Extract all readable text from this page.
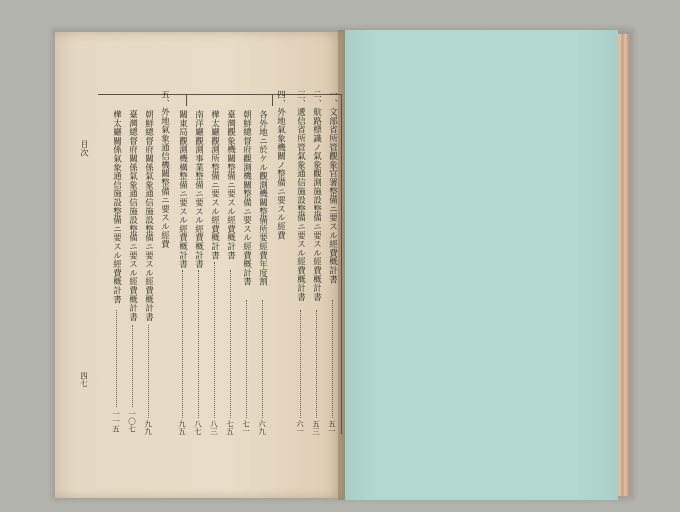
目次
四七
一、文部省所管觀象官署整備ニ要スル經費概計書
五一
二、航路標識ノ氣象觀測施設整備ニ要スル經費概計書
五三
三、遞信省所管氣象通信施設整備ニ要スル經費概計書
六一
四、外地氣象機關ノ整備ニ要スル經費
各外地ニ於ケル觀測機關整備所要經費年度割
六九
朝鮮總督府觀測機關整備ニ要スル經費概計書
七一
臺灣觀象機關整備ニ要スル經費概計書
七五
樺太廳觀測所整備ニ要スル經費概計書
八三
南洋廳觀測事業整備ニ要スル經費概計書
八七
關東局觀測機構整備ニ要スル經費概計書
九五
五、外地氣象通信機關整備ニ要スル經費
朝鮮總督府關係氣象通信施設整備ニ要スル經費概計書
九九
臺灣總督府關係氣象通信施設整備ニ要スル經費概計書
一〇七
樺太廳關係氣象通信施設整備ニ要スル經費概計書
一一五
